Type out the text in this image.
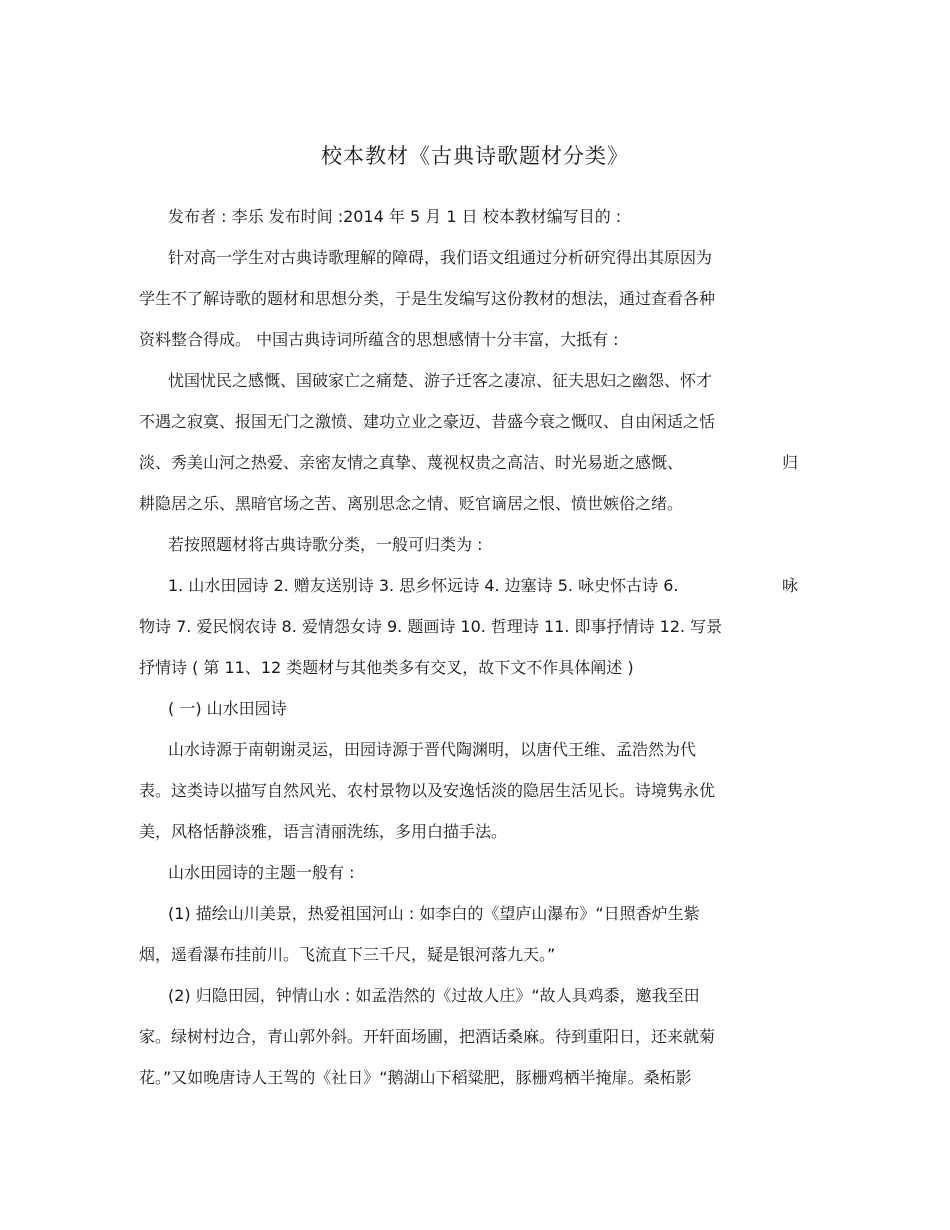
校本教材《古典诗歌题材分类》
发布者 : 李乐 发布时间 :2014 年 5 月 1 日 校本教材编写目的 :
针对高一学生对古典诗歌理解的障碍，我们语文组通过分析研究得出其原因为
学生不了解诗歌的题材和思想分类，于是生发编写这份教材的想法，通过查看各种
资料整合得成。 中国古典诗词所蕴含的思想感情十分丰富，大抵有 :
忧国忧民之感慨、国破家亡之痛楚、游子迁客之凄凉、征夫思妇之幽怨、怀才
不遇之寂寞、报国无门之激愤、建功立业之豪迈、昔盛今衰之慨叹、自由闲适之恬
淡、秀美山河之热爱、亲密友情之真挚、蔑视权贵之高洁、时光易逝之感慨、	归
耕隐居之乐、黑暗官场之苦、离别思念之情、贬官谪居之恨、愤世嫉俗之绪。
若按照题材将古典诗歌分类，一般可归类为 :
1. 山水田园诗 2. 赠友送别诗 3. 思乡怀远诗 4. 边塞诗 5. 咏史怀古诗 6.	咏
物诗 7. 爱民悯农诗 8. 爱情怨女诗 9. 题画诗 10. 哲理诗 11. 即事抒情诗 12. 写景
抒情诗 ( 第 11、12 类题材与其他类多有交叉，故下文不作具体阐述 )
( 一) 山水田园诗
山水诗源于南朝谢灵运，田园诗源于晋代陶渊明，以唐代王维、孟浩然为代
表。这类诗以描写自然风光、农村景物以及安逸恬淡的隐居生活见长。诗境隽永优
美，风格恬静淡雅，语言清丽洗练，多用白描手法。
山水田园诗的主题一般有 :
(1) 描绘山川美景，热爱祖国河山 : 如李白的《望庐山瀑布》“日照香炉生紫
烟，遥看瀑布挂前川。飞流直下三千尺，疑是银河落九天。”
(2) 归隐田园，钟情山水 : 如孟浩然的《过故人庄》“故人具鸡黍，邀我至田
家。绿树村边合，青山郭外斜。开轩面场圃，把酒话桑麻。待到重阳日，还来就菊
花。”又如晚唐诗人王驾的《社日》“鹅湖山下稻粱肥，豚栅鸡栖半掩扉。桑柘影
